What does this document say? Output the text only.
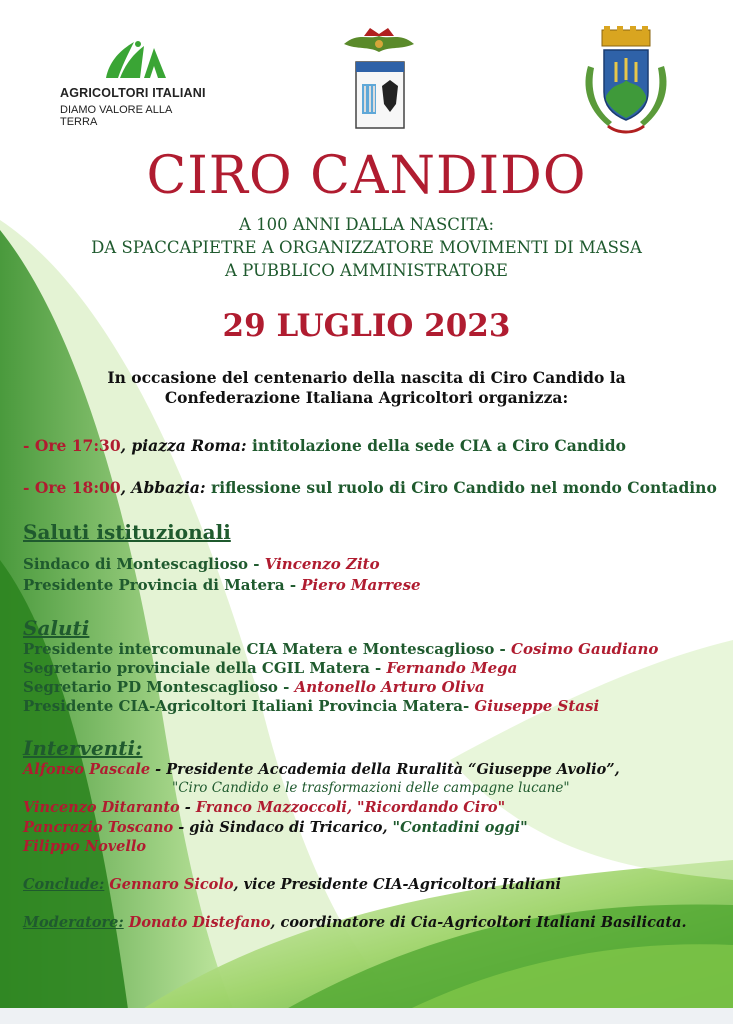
AGRICOLTORI ITALIANI
DIAMO VALORE ALLA TERRA
CIRO CANDIDO
A 100 ANNI DALLA NASCITA:
DA SPACCAPIETRE A ORGANIZZATORE MOVIMENTI DI MASSA
A PUBBLICO AMMINISTRATORE
29 LUGLIO 2023
In occasione del centenario della nascita di Ciro Candido la
Confederazione Italiana Agricoltori organizza:
- Ore 17:30, piazza Roma: intitolazione della sede CIA a Ciro Candido
- Ore 18:00, Abbazia: riflessione sul ruolo di Ciro Candido nel mondo Contadino
Saluti istituzionali
Sindaco di Montescaglioso - Vincenzo Zito
Presidente Provincia di Matera - Piero Marrese
Saluti
Presidente intercomunale CIA Matera e Montescaglioso - Cosimo Gaudiano
Segretario provinciale della CGIL Matera - Fernando Mega
Segretario PD Montescaglioso - Antonello Arturo Oliva
Presidente CIA-Agricoltori Italiani Provincia Matera- Giuseppe Stasi
Interventi:
Alfonso Pascale - Presidente Accademia della Ruralità “Giuseppe Avolio”,
"Ciro Candido e le trasformazioni delle campagne lucane"
Vincenzo Ditaranto - Franco Mazzoccoli, "Ricordando Ciro"
Pancrazio Toscano - già Sindaco di Tricarico, "Contadini oggi"
Filippo Novello
Conclude: Gennaro Sicolo, vice Presidente CIA-Agricoltori Italiani
Moderatore: Donato Distefano, coordinatore di Cia-Agricoltori Italiani Basilicata.
